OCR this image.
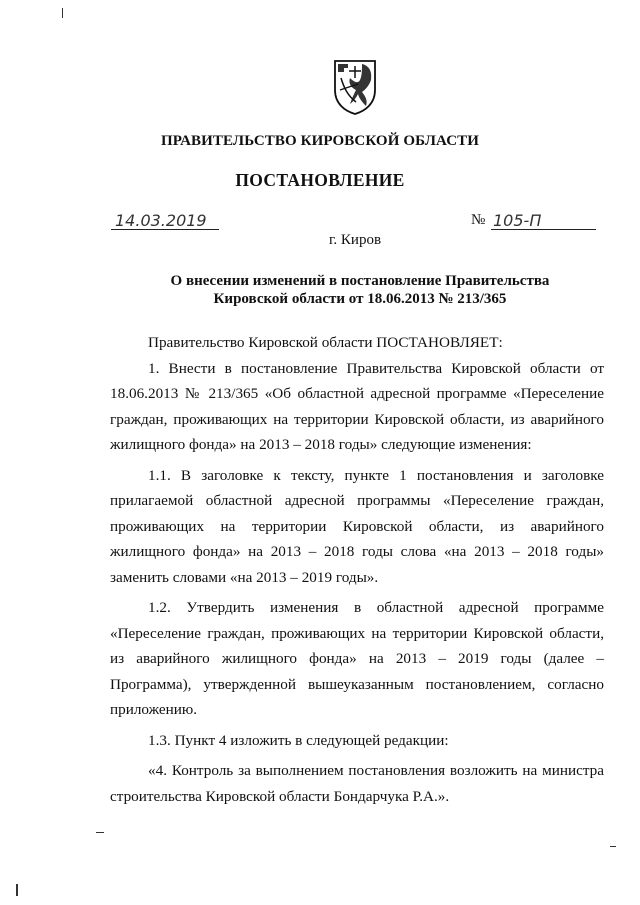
ПРАВИТЕЛЬСТВО КИРОВСКОЙ ОБЛАСТИ
ПОСТАНОВЛЕНИЕ
14.03.2019	№ 105-П
г. Киров
О внесении изменений в постановление Правительства
Кировской области от 18.06.2013 № 213/365

Правительство Кировской области ПОСТАНОВЛЯЕТ:

1. Внести в постановление Правительства Кировской области от 18.06.2013 № 213/365 «Об областной адресной программе «Переселение граждан, проживающих на территории Кировской области, из аварийного жилищного фонда» на 2013 – 2018 годы» следующие изменения:

1.1. В заголовке к тексту, пункте 1 постановления и заголовке прилагаемой областной адресной программы «Переселение граждан, проживающих на территории Кировской области, из аварийного жилищного фонда» на 2013 – 2018 годы слова «на 2013 – 2018 годы» заменить словами «на 2013 – 2019 годы».

1.2. Утвердить изменения в областной адресной программе «Переселение граждан, проживающих на территории Кировской области, из аварийного жилищного фонда» на 2013 – 2019 годы (далее – Программа), утвержденной вышеуказанным постановлением, согласно приложению.

1.3. Пункт 4 изложить в следующей редакции:

«4. Контроль за выполнением постановления возложить на министра строительства Кировской области Бондарчука Р.А.».
